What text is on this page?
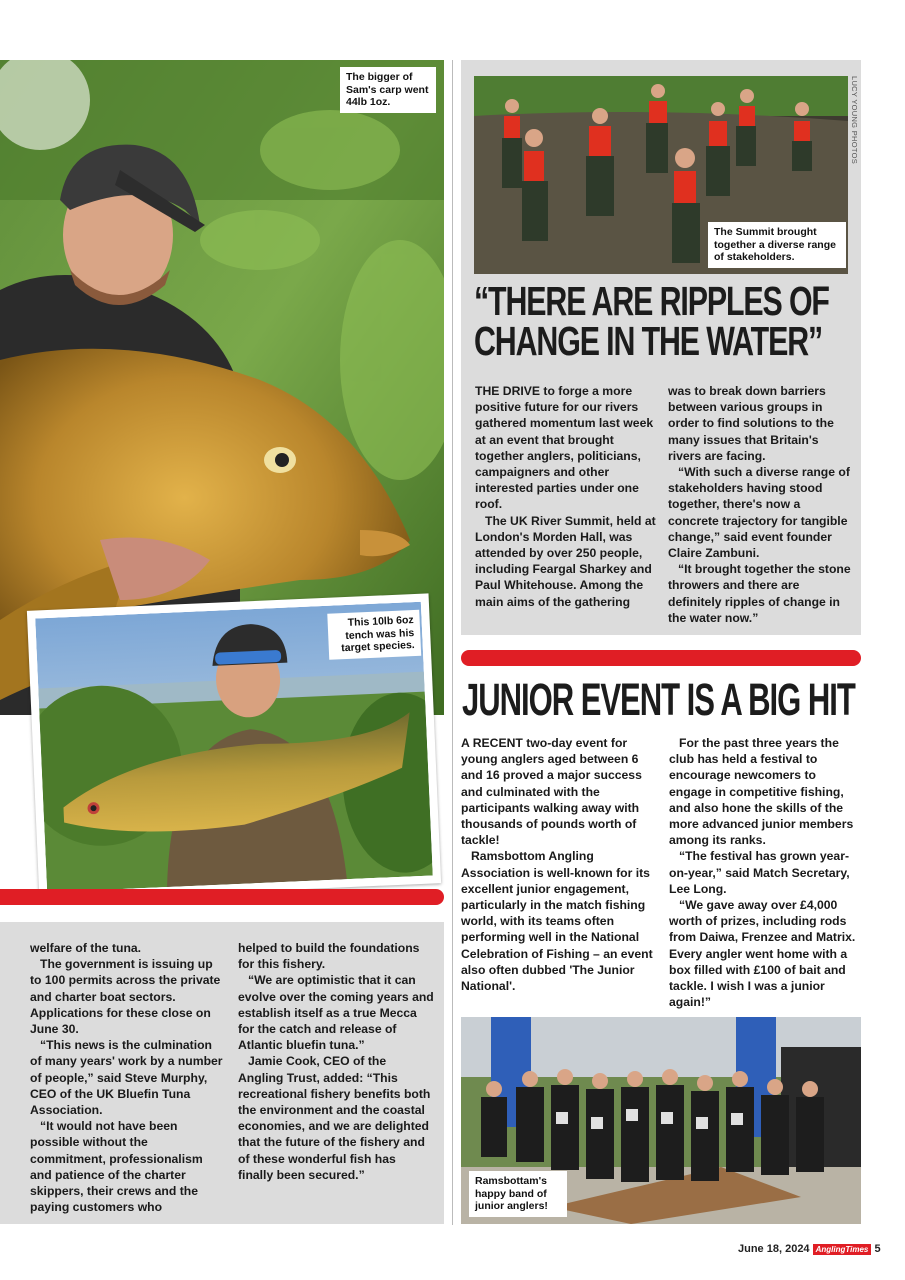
The bigger of Sam's carp went 44lb 1oz.
This 10lb 6oz tench was his target species.
The Summit brought together a diverse range of stakeholders.
LUCY YOUNG PHOTOS
“THERE ARE RIPPLES OF
CHANGE IN THE WATER”

THE DRIVE to forge a more positive future for our rivers gathered momentum last week at an event that brought together anglers, politicians, campaigners and other interested parties under one roof.

The UK River Summit, held at London's Morden Hall, was attended by over 250 people, including Feargal Sharkey and Paul Whitehouse. Among the main aims of the gathering

was to break down barriers between various groups in order to find solutions to the many issues that Britain's rivers are facing.

“With such a diverse range of stakeholders having stood together, there's now a concrete trajectory for tangible change,” said event founder Claire Zambuni.

“It brought together the stone throwers and there are definitely ripples of change in the water now.”

JUNIOR EVENT IS A BIG HIT

A RECENT two-day event for young anglers aged between 6 and 16 proved a major success and culminated with the participants walking away with thousands of pounds worth of tackle!

Ramsbottom Angling Association is well-known for its excellent junior engagement, particularly in the match fishing world, with its teams often performing well in the National Celebration of Fishing – an event also often dubbed 'The Junior National'.

For the past three years the club has held a festival to encourage newcomers to engage in competitive fishing, and also hone the skills of the more advanced junior members among its ranks.

“The festival has grown year-on-year,” said Match Secretary, Lee Long.

“We gave away over £4,000 worth of prizes, including rods from Daiwa, Frenzee and Matrix. Every angler went home with a box filled with £100 of bait and tackle. I wish I was a junior again!”

Ramsbottam's happy band of junior anglers!

welfare of the tuna.

The government is issuing up to 100 permits across the private and charter boat sectors. Applications for these close on June 30.

“This news is the culmination of many years' work by a number of people,” said Steve Murphy, CEO of the UK Bluefin Tuna Association.

“It would not have been possible without the commitment, professionalism and patience of the charter skippers, their crews and the paying customers who

helped to build the foundations for this fishery.

“We are optimistic that it can evolve over the coming years and establish itself as a true Mecca for the catch and release of Atlantic bluefin tuna.”

Jamie Cook, CEO of the Angling Trust, added: “This recreational fishery benefits both the environment and the coastal economies, and we are delighted that the future of the fishery and of these wonderful fish has finally been secured.”

June 18, 2024 AnglingTimes 5
